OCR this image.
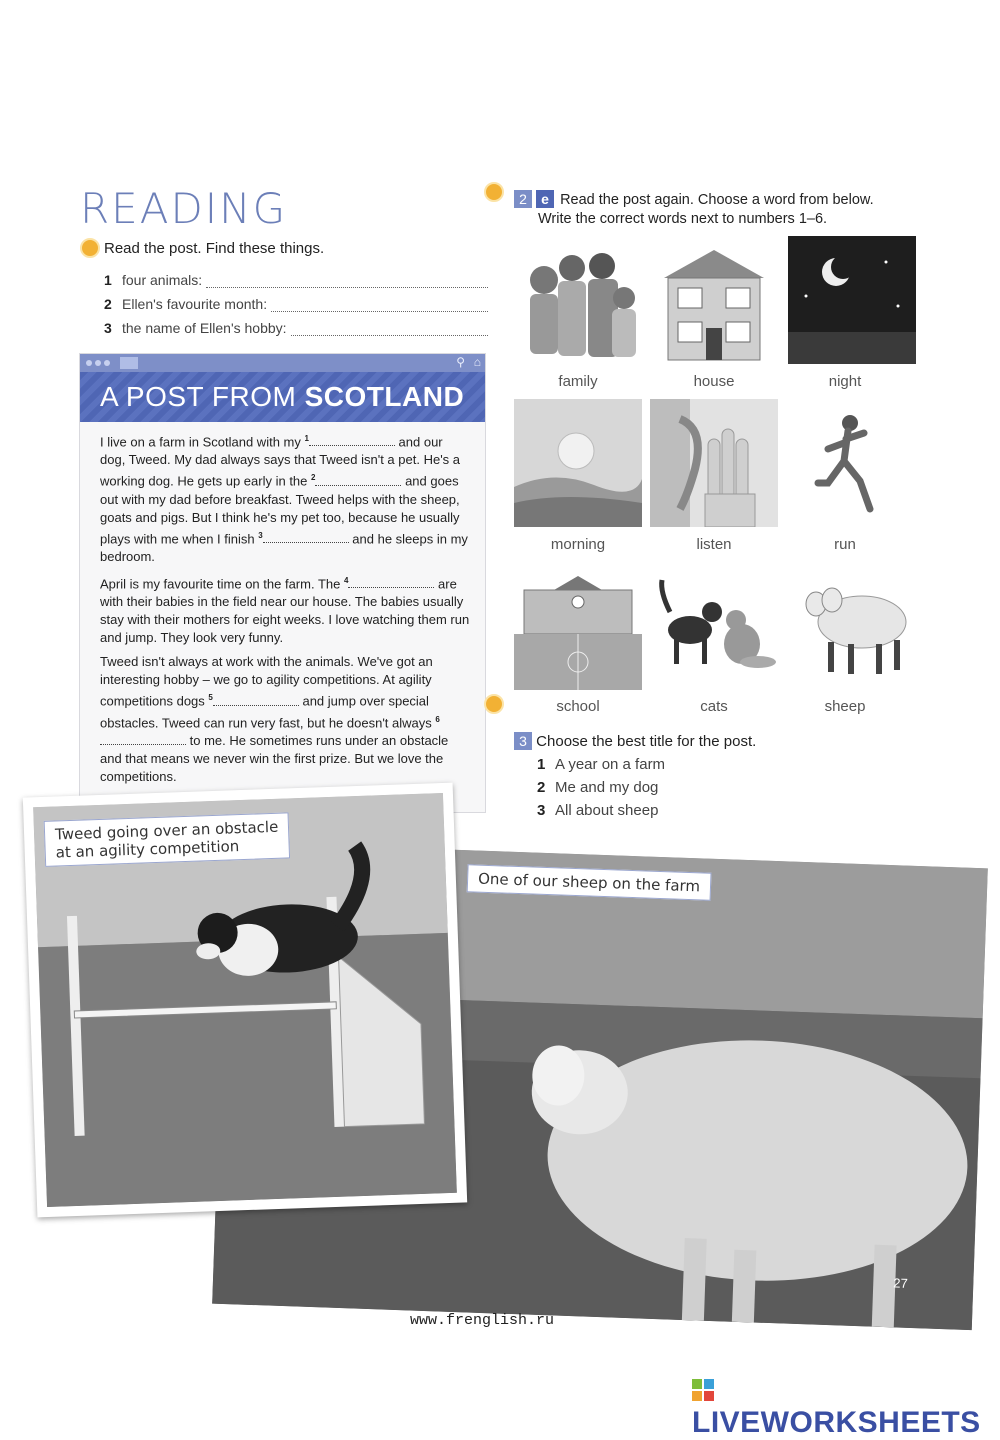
READING
Read the post. Find these things.
1 four animals:
2 Ellen's favourite month:
3 the name of Ellen's hobby:
⚲ ⌂
A POST FROM SCOTLAND

I live on a farm in Scotland with my $^1$	and our dog, Tweed. My dad always says that Tweed isn't a pet. He's a working dog. He gets up early in the $^2$	and goes out with my dad before breakfast. Tweed helps with the sheep, goats and pigs. But I think he's my pet too, because he usually plays with me when I finish $^3$	and he sleeps in my bedroom.

April is my favourite time on the farm. The $^4$	are with their babies in the field near our house. The babies usually stay with their mothers for eight weeks. I love watching them run and jump. They look very funny.

Tweed isn't always at work with the animals. We've got an interesting hobby – we go to agility competitions. At agility competitions dogs $^5$	and jump over special obstacles. Tweed can run very fast, but he doesn't always $^6$ to me. He sometimes runs under an obstacle and that means we never win the first prize. But we love the competitions.

2 e Read the post again. Choose a word from below.
Write the correct words next to numbers 1–6.
family	house	night
morning	listen	run
school	cats	sheep
3 Choose the best title for the post.
1 A year on a farm
2 Me and my dog
3 All about sheep
One of our sheep on the farm
27
Tweed going over an obstacle
at an agility competition
www.frenglish.ru
LIVEWORKSHEETS
